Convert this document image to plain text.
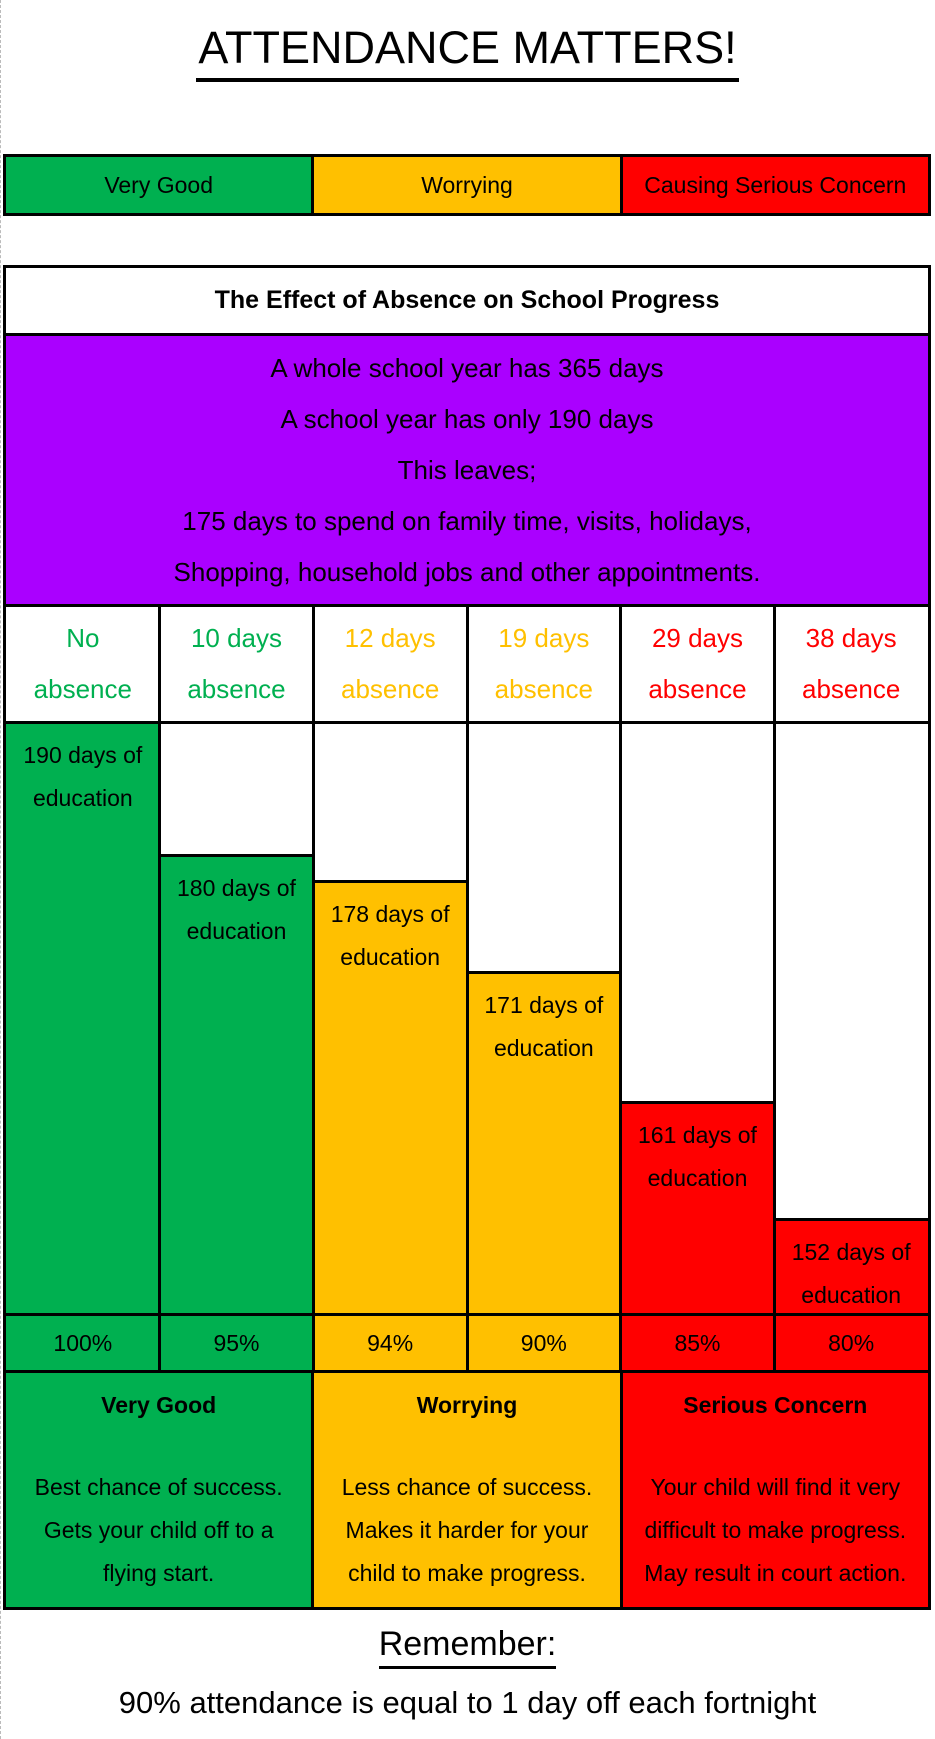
ATTENDANCE MATTERS!
Very Good	Worrying	Causing Serious Concern
The Effect of Absence on School Progress
A whole school year has 365 days
A school year has only 190 days
This leaves;
175 days to spend on family time, visits, holidays,
Shopping, household jobs and other appointments.
No
absence
190 days of
education
100%
10 days
absence
180 days of
education
95%
12 days
absence
178 days of
education
94%
19 days
absence
171 days of
education
90%
29 days
absence
161 days of
education
85%
38 days
absence
152 days of
education
80%
Very Good
Best chance of success.
Gets your child off to a
flying start.
Worrying
Less chance of success.
Makes it harder for your
child to make progress.
Serious Concern
Your child will find it very
difficult to make progress.
May result in court action.
Remember:
90% attendance is equal to 1 day off each fortnight
